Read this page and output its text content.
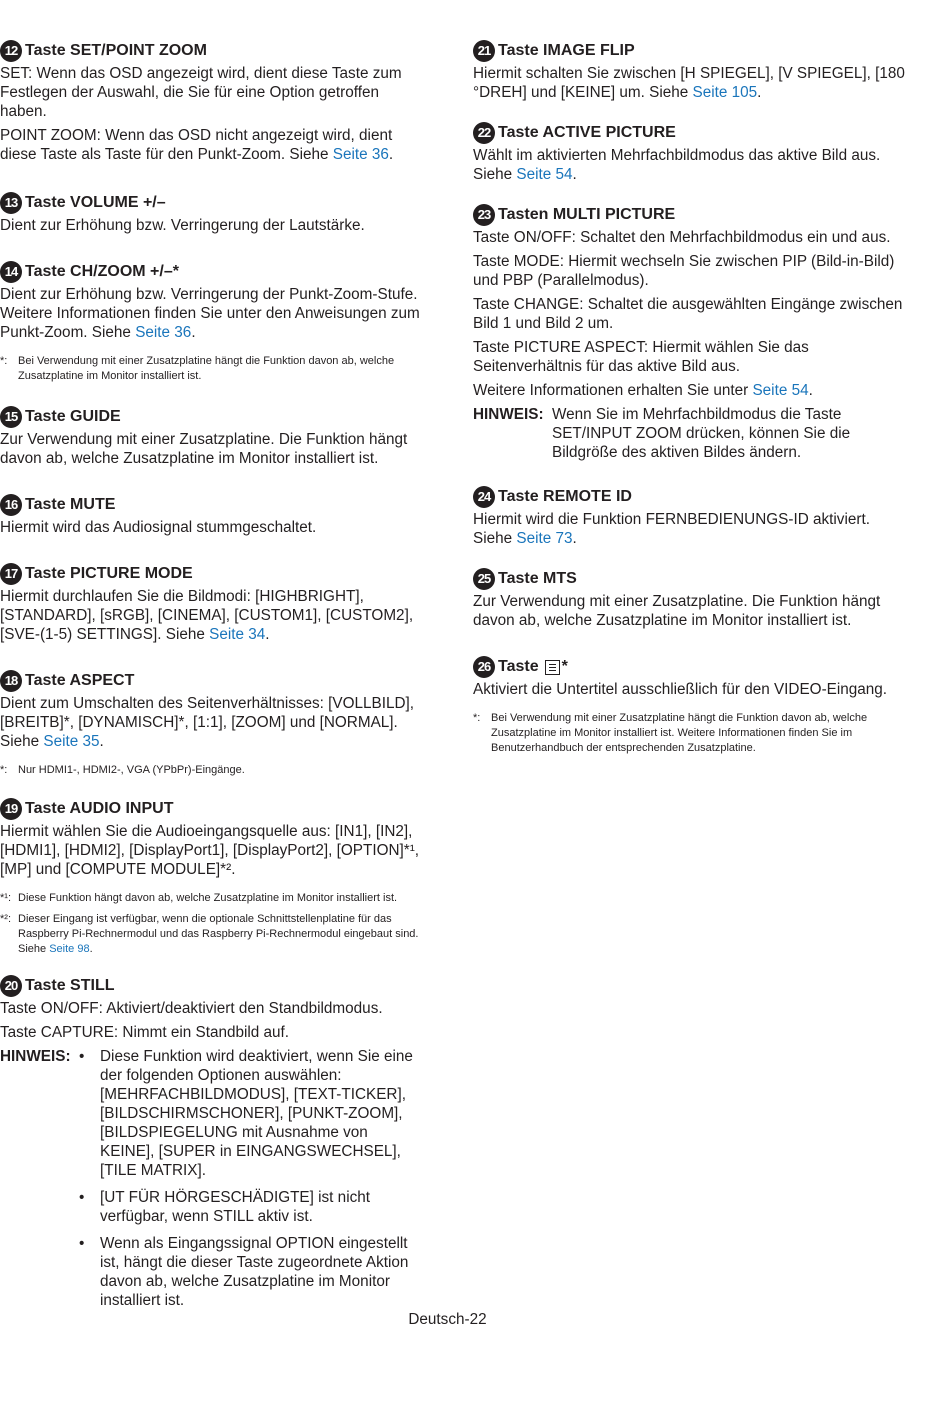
12 Taste SET/POINT ZOOM

SET: Wenn das OSD angezeigt wird, dient diese Taste zum Festlegen der Auswahl, die Sie für eine Option getroffen haben.

POINT ZOOM: Wenn das OSD nicht angezeigt wird, dient diese Taste als Taste für den Punkt-Zoom. Siehe Seite 36.

13 Taste VOLUME +/–

Dient zur Erhöhung bzw. Verringerung der Lautstärke.

14 Taste CH/ZOOM +/–*

Dient zur Erhöhung bzw. Verringerung der Punkt-Zoom-Stufe. Weitere Informationen finden Sie unter den Anweisungen zum Punkt-Zoom. Siehe Seite 36.

*: Bei Verwendung mit einer Zusatzplatine hängt die Funktion davon ab, welche Zusatzplatine im Monitor installiert ist.
15 Taste GUIDE

Zur Verwendung mit einer Zusatzplatine. Die Funktion hängt davon ab, welche Zusatzplatine im Monitor installiert ist.

16 Taste MUTE

Hiermit wird das Audiosignal stummgeschaltet.

17 Taste PICTURE MODE

Hiermit durchlaufen Sie die Bildmodi: [HIGHBRIGHT], [STANDARD], [sRGB], [CINEMA], [CUSTOM1], [CUSTOM2], [SVE-(1-5) SETTINGS]. Siehe Seite 34.

18 Taste ASPECT

Dient zum Umschalten des Seitenverhältnisses: [VOLLBILD], [BREITB]*, [DYNAMISCH]*, [1:1], [ZOOM] und [NORMAL]. Siehe Seite 35.

*: Nur HDMI1-, HDMI2-, VGA (YPbPr)-Eingänge.
19 Taste AUDIO INPUT

Hiermit wählen Sie die Audioeingangsquelle aus: [IN1], [IN2], [HDMI1], [HDMI2], [DisplayPort1], [DisplayPort2], [OPTION]*¹, [MP] und [COMPUTE MODULE]*².

*¹: Diese Funktion hängt davon ab, welche Zusatzplatine im Monitor installiert ist.
*²: Dieser Eingang ist verfügbar, wenn die optionale Schnittstellenplatine für das Raspberry Pi-Rechnermodul und das Raspberry Pi-Rechnermodul eingebaut sind. Siehe Seite 98.
20 Taste STILL

Taste ON/OFF: Aktiviert/deaktiviert den Standbildmodus.

Taste CAPTURE: Nimmt ein Standbild auf.

HINWEIS: •	Diese Funktion wird deaktiviert, wenn Sie eine der folgenden Optionen auswählen: [MEHRFACHBILDMODUS], [TEXT-TICKER], [BILDSCHIRMSCHONER], [PUNKT-ZOOM], [BILDSPIEGELUNG mit Ausnahme von KEINE], [SUPER in EINGANGSWECHSEL], [TILE MATRIX].
•	[UT FÜR HÖRGESCHÄDIGTE] ist nicht verfügbar, wenn STILL aktiv ist.
•	Wenn als Eingangssignal OPTION eingestellt ist, hängt die dieser Taste zugeordnete Aktion davon ab, welche Zusatzplatine im Monitor installiert ist.
21 Taste IMAGE FLIP

Hiermit schalten Sie zwischen [H SPIEGEL], [V SPIEGEL], [180 °DREH] und [KEINE] um. Siehe Seite 105.

22 Taste ACTIVE PICTURE

Wählt im aktivierten Mehrfachbildmodus das aktive Bild aus. Siehe Seite 54.

23 Tasten MULTI PICTURE

Taste ON/OFF: Schaltet den Mehrfachbildmodus ein und aus.

Taste MODE: Hiermit wechseln Sie zwischen PIP (Bild-in-Bild) und PBP (Parallelmodus).

Taste CHANGE: Schaltet die ausgewählten Eingänge zwischen Bild 1 und Bild 2 um.

Taste PICTURE ASPECT: Hiermit wählen Sie das Seitenverhältnis für das aktive Bild aus.

Weitere Informationen erhalten Sie unter Seite 54.

HINWEIS: Wenn Sie im Mehrfachbildmodus die Taste SET/INPUT ZOOM drücken, können Sie die Bildgröße des aktiven Bildes ändern.
24 Taste REMOTE ID

Hiermit wird die Funktion FERNBEDIENUNGS-ID aktiviert. Siehe Seite 73.

25 Taste MTS

Zur Verwendung mit einer Zusatzplatine. Die Funktion hängt davon ab, welche Zusatzplatine im Monitor installiert ist.

26 Taste *

Aktiviert die Untertitel ausschließlich für den VIDEO-Eingang.

*: Bei Verwendung mit einer Zusatzplatine hängt die Funktion davon ab, welche Zusatzplatine im Monitor installiert ist. Weitere Informationen finden Sie im Benutzerhandbuch der entsprechenden Zusatzplatine.
Deutsch-22
